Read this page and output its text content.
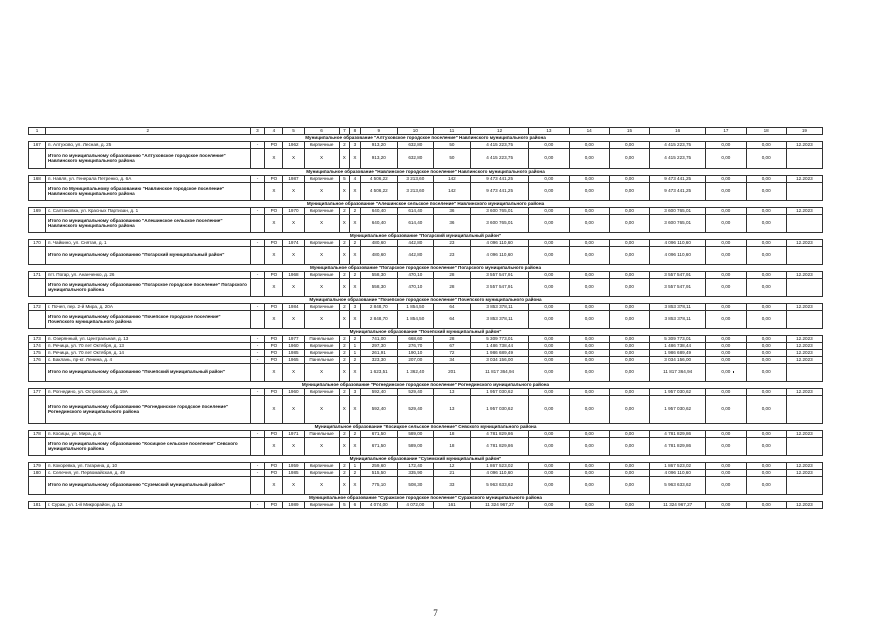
1	2	3	4	5	6	7	8	9	10	11	12	13	14	15	16	17	18	19
Муниципальное образование "Алтуховское городское поселение" Навлинского муниципального района																		
167	п. Алтухово, ул. Лесная, д. 25	-	РО	1962	Кирпичные	2	3	913,20	632,80	50	4 415 223,75	0,00	0,00	0,00	4 415 223,75	0,00	0,00	12.2023
	Итого по муниципальному образованию "Алтуховское городское поселение" Навлинского муниципального района		X	X	X	X	X	913,20	632,80	50	4 415 223,75	0,00	0,00	0,00	4 415 223,75	0,00	0,00	
Муниципальное образование "Навлинское городское поселение" Навлинского муниципального района																		
168	п. Навля, ул. Генерала Петренко, д. 6А	-	РО	1987	Кирпичные	5	4	4 506,22	3 213,60	142	9 473 441,25	0,00	0,00	0,00	9 473 441,25	0,00	0,00	12.2023
	Итого по Муниципальному образованию "Навлинское городское поселение" Навлинского муниципального района		X	X	X	X	X	4 506,22	3 213,60	142	9 473 441,25	0,00	0,00	0,00	9 473 441,25	0,00	0,00	
Муниципальное образование "Алешинское сельское поселение" Навлинского муниципального района																		
169	с. Салтановка, ул. Красных Партизан, д. 1	-	РО	1970	Кирпичные	2	2	640,40	614,40	36	3 600 765,01	0,00	0,00	0,00	3 600 765,01	0,00	0,00	12.2023
	Итого по муниципальному образованию "Алешинское сельское поселение" Навлинского муниципального района		X	X	X	X	X	640,40	614,40	36	3 600 765,01	0,00	0,00	0,00	3 600 765,01	0,00	0,00	
Муниципальное образование "Погарский муниципальный район"																		
170	п. Чайкино, ул. Снятая, д. 1	-	РО	1974	Кирпичные	2	2	480,60	442,80	23	4 096 110,60	0,00	0,00	0,00	4 096 110,60	0,00	0,00	12.2023
	Итого по муниципальному образованию "Погарский муниципальный район"		X	X	X	X	X	480,60	442,80	23	4 096 110,60	0,00	0,00	0,00	4 096 110,60	0,00	0,00	
Муниципальное образование "Погарское городское поселение" Погарского муниципального района																		
171	пгт. Погар, ул. Ананченко, д. 26	-	РО	1968	Кирпичные	2	2	558,30	470,10	28	3 557 547,91	0,00	0,00	0,00	3 557 547,91	0,00	0,00	12.2023
	Итого по муниципальному образованию "Погарское городское поселение" Погарского муниципального района		X	X	X	X	X	558,30	470,10	28	3 557 547,91	0,00	0,00	0,00	3 557 547,91	0,00	0,00	
Муниципальное образование "Почепское городское поселение" Почепского муниципального района																		
172	г. Почеп, пер. 2-й Мира, д. 20А	-	РО	1984	Кирпичные	2	3	2 848,70	1 854,50	64	3 853 378,11	0,00	0,00	0,00	3 853 378,11	0,00	0,00	12.2023
	Итого по муниципальному образованию "Почепское городское поселение" Почепского муниципального района		X	X	X	X	X	2 848,70	1 854,50	64	3 853 378,11	0,00	0,00	0,00	3 853 378,11	0,00	0,00	
Муниципальное образование "Почепский муниципальный район"																		
173	п. Озерянный, ул. Центральная, д. 13	-	РО	1977	Панельные	2	2	741,00	668,60	28	5 309 773,01	0,00	0,00	0,00	5 309 773,01	0,00	0,00	12.2023
174	п. Речица, ул. 70 лет Октября, д. 13	-	РО	1960	Кирпичные	2	1	297,30	276,70	67	1 486 738,44	0,00	0,00	0,00	1 486 738,44	0,00	0,00	12.2023
175	п. Речица, ул. 70 лет Октября, д. 14	-	РО	1985	Кирпичные	2	1	261,91	190,10	72	1 986 689,49	0,00	0,00	0,00	1 986 689,49	0,00	0,00	12.2023
176	с. Баклань, пр-кт. Ленина, д. 4	-	РО	1965	Панельные	2	2	323,30	207,00	34	3 034 156,00	0,00	0,00	0,00	3 034 156,00	0,00	0,00	12.2023
	Итого по муниципальному образованию "Почепский муниципальный район"		X	X	X	X	X	1 623,51	1 362,40	201	11 817 364,94	0,00	0,00	0,00	11 817 364,94	0,00	0,00	
Муниципальное образование "Рогнединское городское поселение" Рогнединского муниципального района																		
177	п. Рогнедино, ул. Островского, д. 19А	-	РО	1960	Кирпичные	2	3	592,40	529,40	13	1 957 030,62	0,00	0,00	0,00	1 957 030,62	0,00	0,00	12.2023
	Итого по муниципальному образованию "Рогнединское городское поселение" Рогнединского муниципального района		X	X	X	X	X	592,40	529,40	13	1 957 030,62	0,00	0,00	0,00	1 957 030,62	0,00	0,00	
Муниципальное образование "Косицкое сельское поселение" Севского муниципального района																		
178	п. Косицы, ул. Мира, д. 6	-	РО	1971	Панельные	2	2	671,50	589,00	18	4 781 829,86	0,00	0,00	0,00	4 781 829,86	0,00	0,00	12.2023
	Итого по муниципальному образованию "Косицкое сельское поселение" Севского муниципального района		X	X	X	X	X	671,50	589,00	18	4 781 829,86	0,00	0,00	0,00	4 781 829,86	0,00	0,00	
Муниципальное образование "Суземский муниципальный район"																		
179	п. Кокоревка, ул. Гагарина, д. 10	-	РО	1959	Кирпичные	2	1	259,60	172,40	12	1 867 523,02	0,00	0,00	0,00	1 867 523,02	0,00	0,00	12.2023
180	с. Селечня, ул. Первомайская, д. 49	-	РО	1985	Кирпичные	2	2	515,50	335,90	21	4 096 110,60	0,00	0,00	0,00	4 096 110,60	0,00	0,00	12.2023
	Итого по муниципальному образованию "Суземский муниципальный район"		X	X	X	X	X	775,10	508,30	33	5 963 633,62	0,00	0,00	0,00	5 963 633,62	0,00	0,00	
Муниципальное образование "Суражское городское поселение" Суражского муниципального района																		
181	г. Сураж, ул. 1-й Микрорайон, д. 12	-	РО	1989	Кирпичные	5	6	4 074,00	4 072,00	161	11 324 967,27	0,00	0,00	0,00	11 324 967,27	0,00	0,00	12.2023
7
